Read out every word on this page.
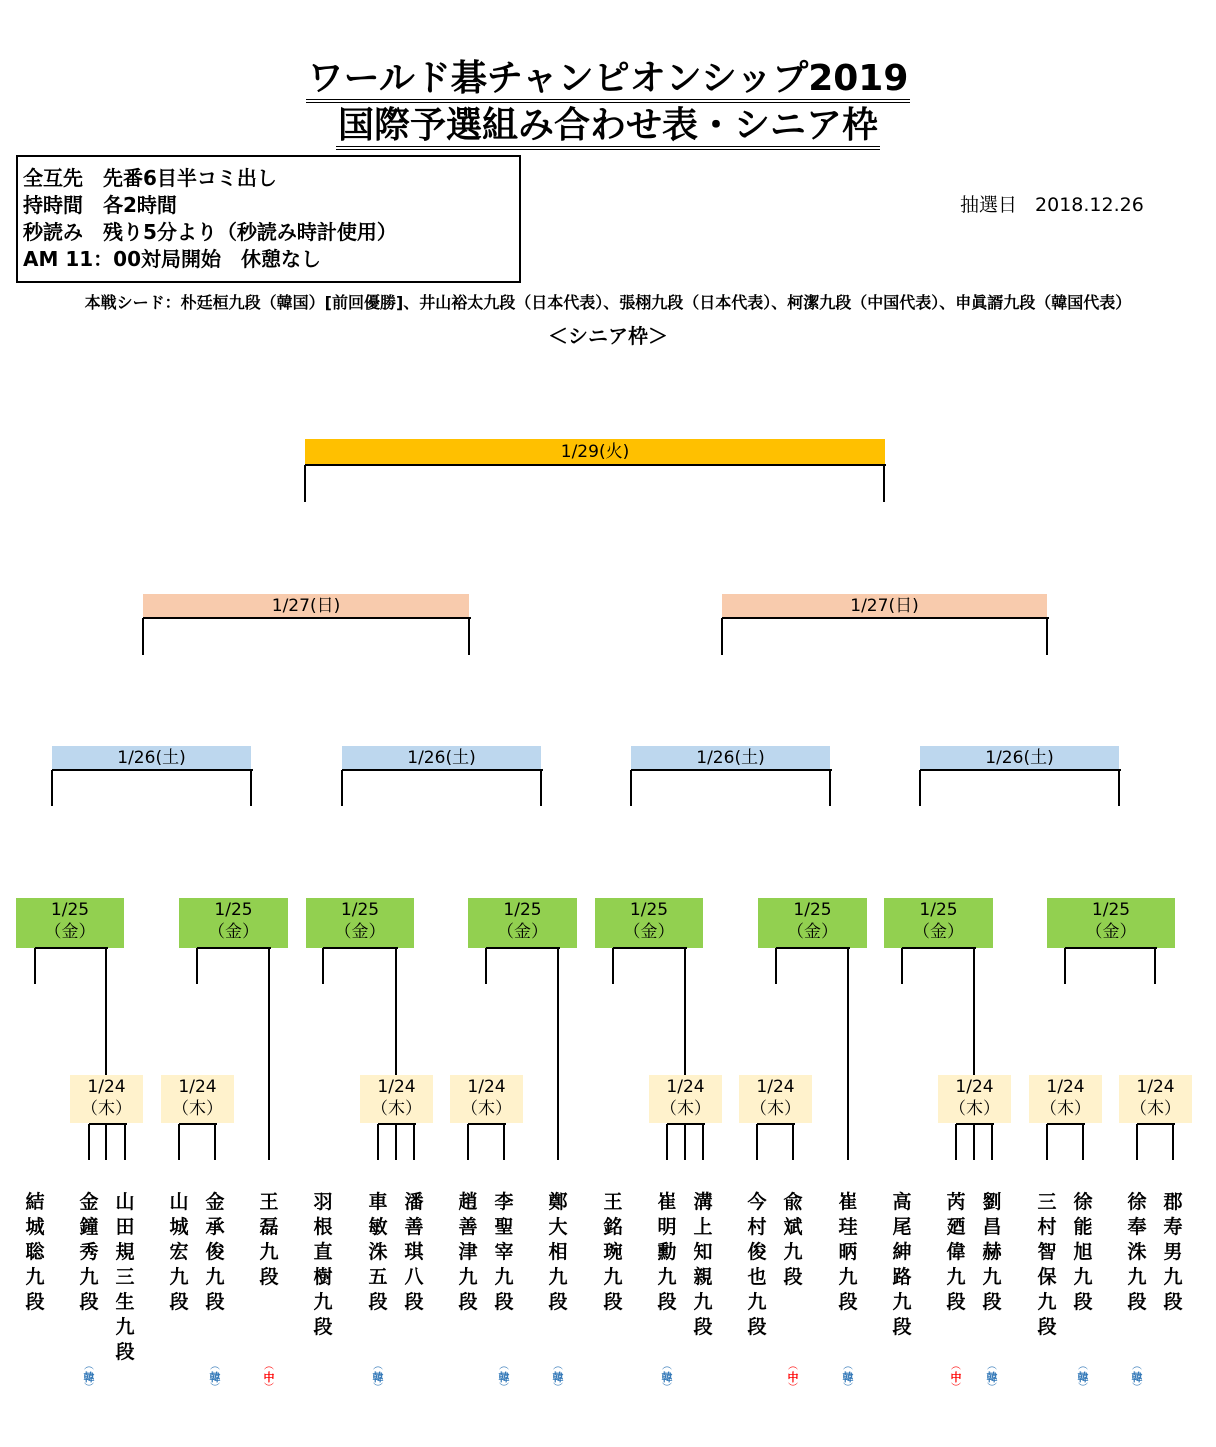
ワールド碁チャンピオンシップ2019
国際予選組み合わせ表・シニア枠
全互先　先番6目半コミ出し
持時間　各2時間
秒読み　残り5分より（秒読み時計使用）
AM 11：00対局開始　休憩なし
抽選日 2018.12.26
本戦シード：朴廷桓九段（韓国）[前回優勝]、井山裕太九段（日本代表）、張栩九段（日本代表）、柯潔九段（中国代表）、申眞諝九段（韓国代表）
＜シニア枠＞
1/29(火)
1/27(日)	1/27(日)
1/26(土)	1/26(土)	1/26(土)	1/26(土)
1/25
（金）
1/25
（金）
1/25
（金）
1/25
（金）
1/25
（金）
1/25
（金）
1/25
（金）
1/25
（金）
1/24
（木）
1/24
（木）
1/24
（木）
1/24
（木）
1/24
（木）
1/24
（木）
1/24
（木）
1/24
（木）
1/24
（木）
結城聡九段
金鐘秀九段
︵
韓
︶
山田規三生九段
山城宏九段
金承俊九段
︵
韓
︶
王磊九段
︵
中
︶
羽根直樹九段
車敏洙五段
︵
韓
︶
潘善琪八段
趙善津九段
李聖宰九段
︵
韓
︶
鄭大相九段
︵
韓
︶
王銘琬九段
崔明勳九段
︵
韓
︶
溝上知親九段
今村俊也九段
兪斌九段
︵
中
︶
崔珪昞九段
︵
韓
︶
高尾紳路九段
芮廼偉九段
︵
中
︶
劉昌赫九段
︵
韓
︶
三村智保九段
徐能旭九段
︵
韓
︶
徐奉洙九段
︵
韓
︶
郡寿男九段
